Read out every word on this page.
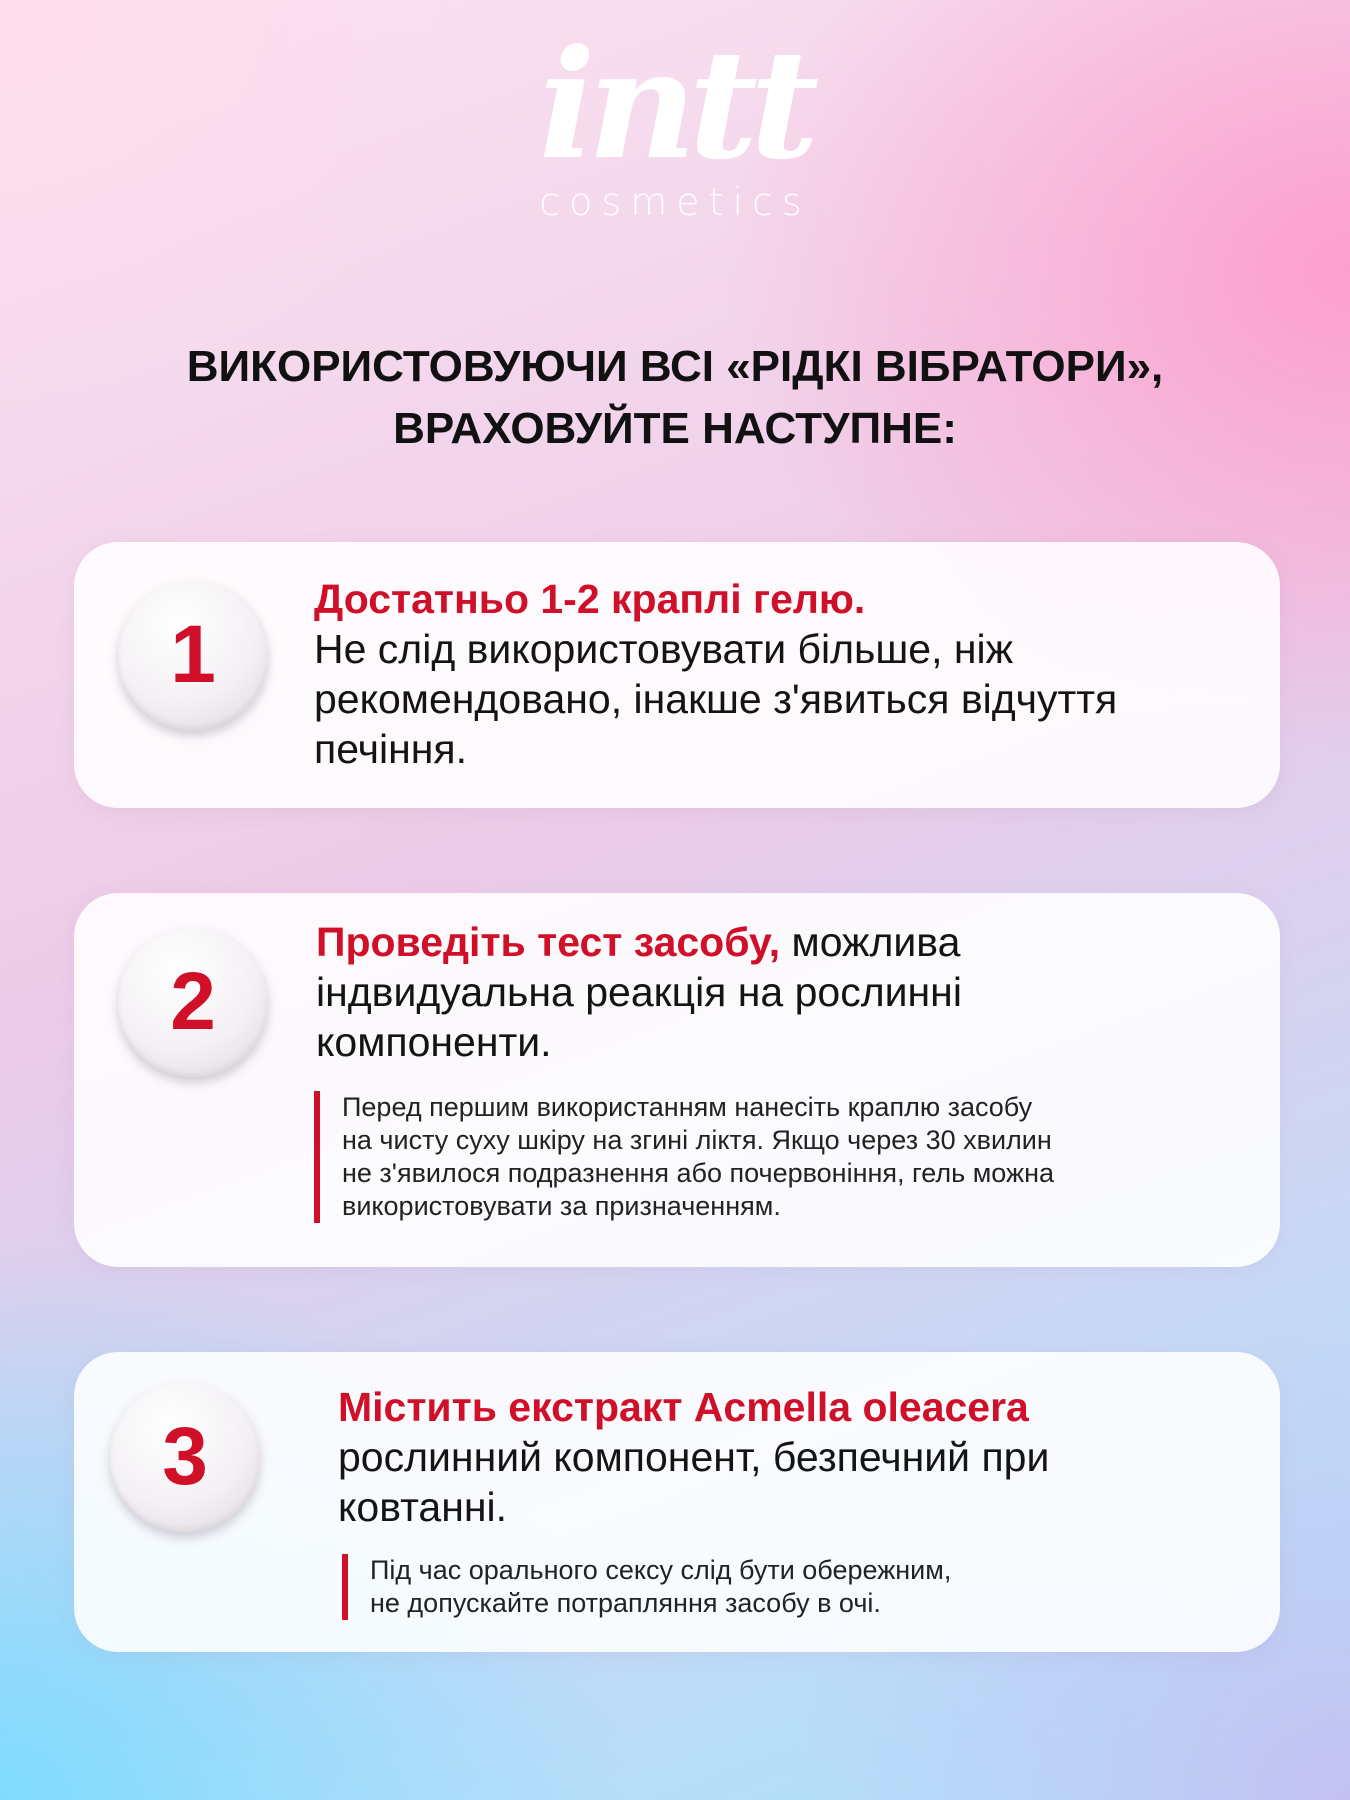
intt
cosmetics
ВИКОРИСТОВУЮЧИ ВСІ «РІДКІ ВІБРАТОРИ»,
ВРАХОВУЙТЕ НАСТУПНЕ:
1

Достатньо 1-2 краплі гелю.

Не слід використовувати більше, ніж рекомендовано, інакше з'явиться відчуття печіння.

2

Проведіть тест засобу, можлива індвидуальна реакція на рослинні компоненти.

Перед першим використанням нанесіть краплю засобу
на чисту суху шкіру на згині ліктя. Якщо через 30 хвилин
не з'явилося подразнення або почервоніння, гель можна
використовувати за призначенням.
3

Містить екстракт Acmella oleacera

рослинний компонент, безпечний при ковтанні.

Під час орального сексу слід бути обережним,
не допускайте потрапляння засобу в очі.
